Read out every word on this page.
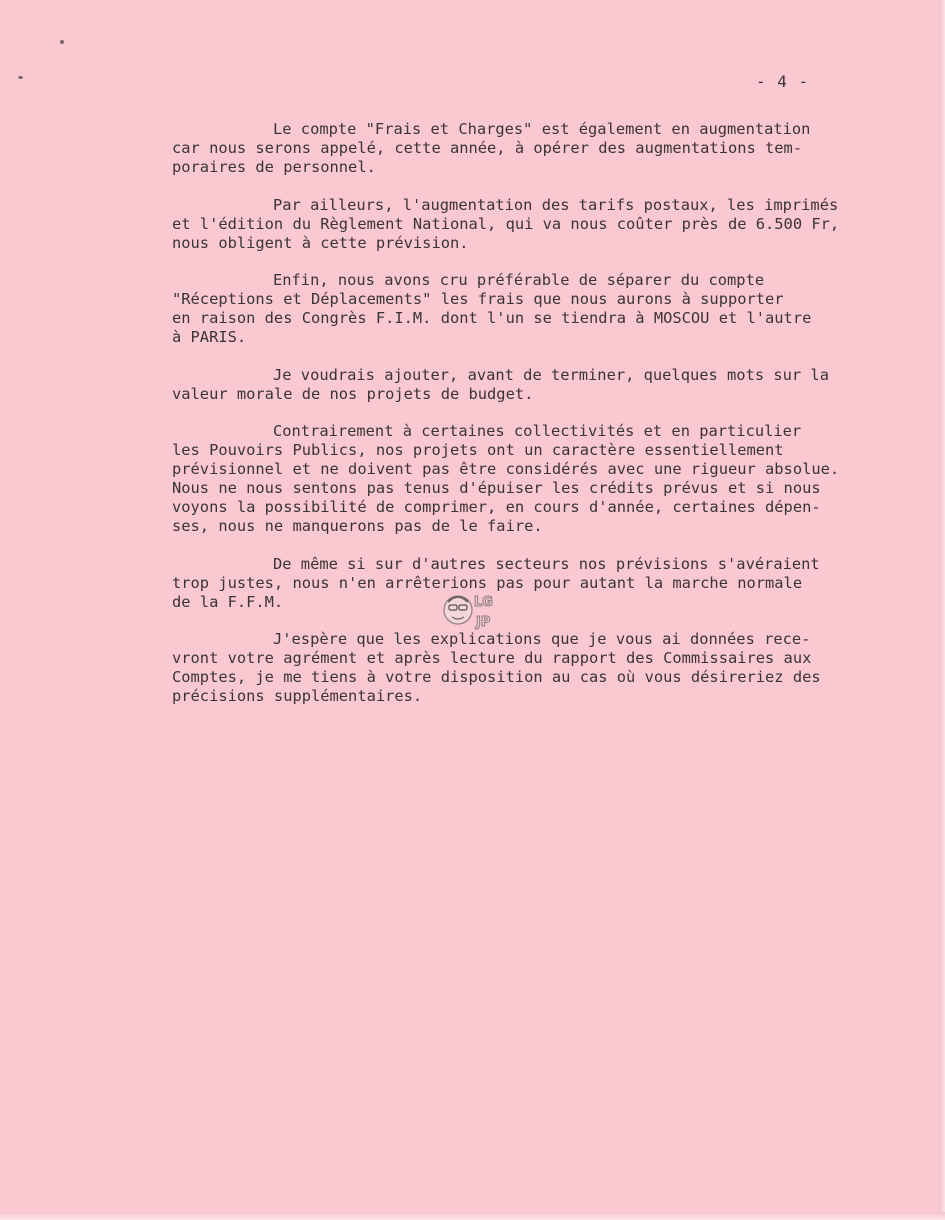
- 4 -

Le compte "Frais et Charges" est également en augmentation
car nous serons appelé, cette année, à opérer des augmentations tem-
poraires de personnel.

Par ailleurs, l'augmentation des tarifs postaux, les imprimés
et l'édition du Règlement National, qui va nous coûter près de 6.500 Fr,
nous obligent à cette prévision.

Enfin, nous avons cru préférable de séparer du compte
"Réceptions et Déplacements" les frais que nous aurons à supporter
en raison des Congrès F.I.M. dont l'un se tiendra à MOSCOU et l'autre
à PARIS.

Je voudrais ajouter, avant de terminer, quelques mots sur la
valeur morale de nos projets de budget.

Contrairement à certaines collectivités et en particulier
les Pouvoirs Publics, nos projets ont un caractère essentiellement
prévisionnel et ne doivent pas être considérés avec une rigueur absolue.
Nous ne nous sentons pas tenus d'épuiser les crédits prévus et si nous
voyons la possibilité de comprimer, en cours d'année, certaines dépen-
ses, nous ne manquerons pas de le faire.

De même si sur d'autres secteurs nos prévisions s'avéraient
trop justes, nous n'en arrêterions pas pour autant la marche normale
de la F.F.M.

J'espère que les explications que je vous ai données rece-
vront votre agrément et après lecture du rapport des Commissaires aux
Comptes, je me tiens à votre disposition au cas où vous désireriez des
précisions supplémentaires.

LG
JP
